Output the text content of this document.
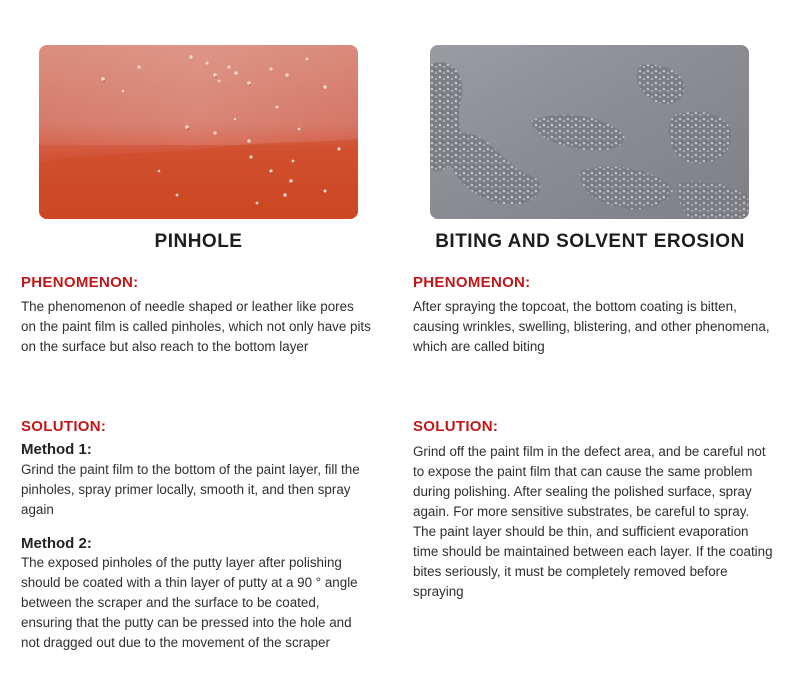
PINHOLE	BITING AND SOLVENT EROSION
PHENOMENON:
The phenomenon of needle shaped or leather like pores on the paint film is called pinholes, which not only have pits on the surface but also reach to the bottom layer
SOLUTION:
Method 1:
Grind the paint film to the bottom of the paint layer, fill the pinholes, spray primer locally, smooth it, and then spray again
Method 2:
The exposed pinholes of the putty layer after polishing should be coated with a thin layer of putty at a 90 ° angle between the scraper and the surface to be coated, ensuring that the putty can be pressed into the hole and not dragged out due to the movement of the scraper
PHENOMENON:
After spraying the topcoat, the bottom coating is bitten, causing wrinkles, swelling, blistering, and other phenomena, which are called biting
SOLUTION:
Grind off the paint film in the defect area, and be careful not to expose the paint film that can cause the same problem during polishing. After sealing the polished surface, spray again. For more sensitive substrates, be careful to spray. The paint layer should be thin, and sufficient evaporation time should be maintained between each layer. If the coating bites seriously, it must be completely removed before spraying
